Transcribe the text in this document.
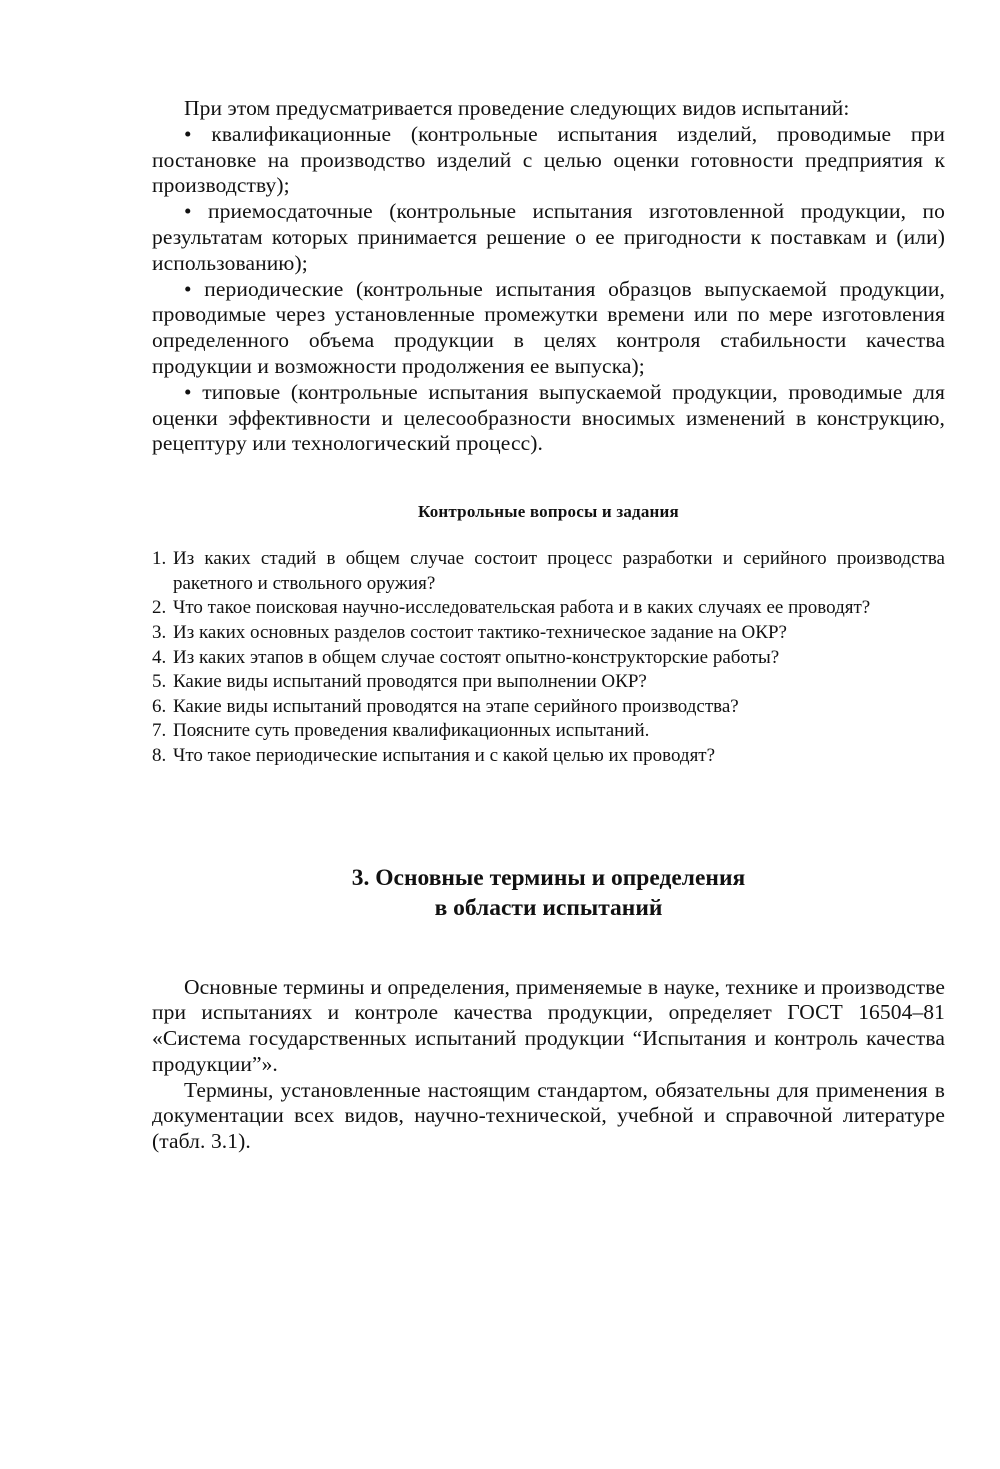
При этом предусматривается проведение следующих видов испытаний:

• квалификационные (контрольные испытания изделий, проводимые при постановке на производство изделий с целью оценки готовности предприятия к производству);

• приемосдаточные (контрольные испытания изготовленной продукции, по результатам которых принимается решение о ее пригодности к поставкам и (или) использованию);

• периодические (контрольные испытания образцов выпускаемой продукции, проводимые через установленные промежутки времени или по мере изготовления определенного объема продукции в целях контроля стабильности качества продукции и возможности продолжения ее выпуска);

• типовые (контрольные испытания выпускаемой продукции, проводимые для оценки эффективности и целесообразности вносимых изменений в конструкцию, рецептуру или технологический процесс).

Контрольные вопросы и задания
1. Из каких стадий в общем случае состоит процесс разработки и серийного производства ракетного и ствольного оружия?
2. Что такое поисковая научно-исследовательская работа и в каких случаях ее проводят?
3. Из каких основных разделов состоит тактико-техническое задание на ОКР?
4. Из каких этапов в общем случае состоят опытно-конструкторские работы?
5. Какие виды испытаний проводятся при выполнении ОКР?
6. Какие виды испытаний проводятся на этапе серийного производства?
7. Поясните суть проведения квалификационных испытаний.
8. Что такое периодические испытания и с какой целью их проводят?
3. Основные термины и определения
в области испытаний

Основные термины и определения, применяемые в науке, технике и производстве при испытаниях и контроле качества продукции, определяет ГОСТ 16504–81 «Система государственных испытаний продукции “Испытания и контроль качества продукции”».

Термины, установленные настоящим стандартом, обязательны для применения в документации всех видов, научно-технической, учебной и справочной литературе (табл. 3.1).
